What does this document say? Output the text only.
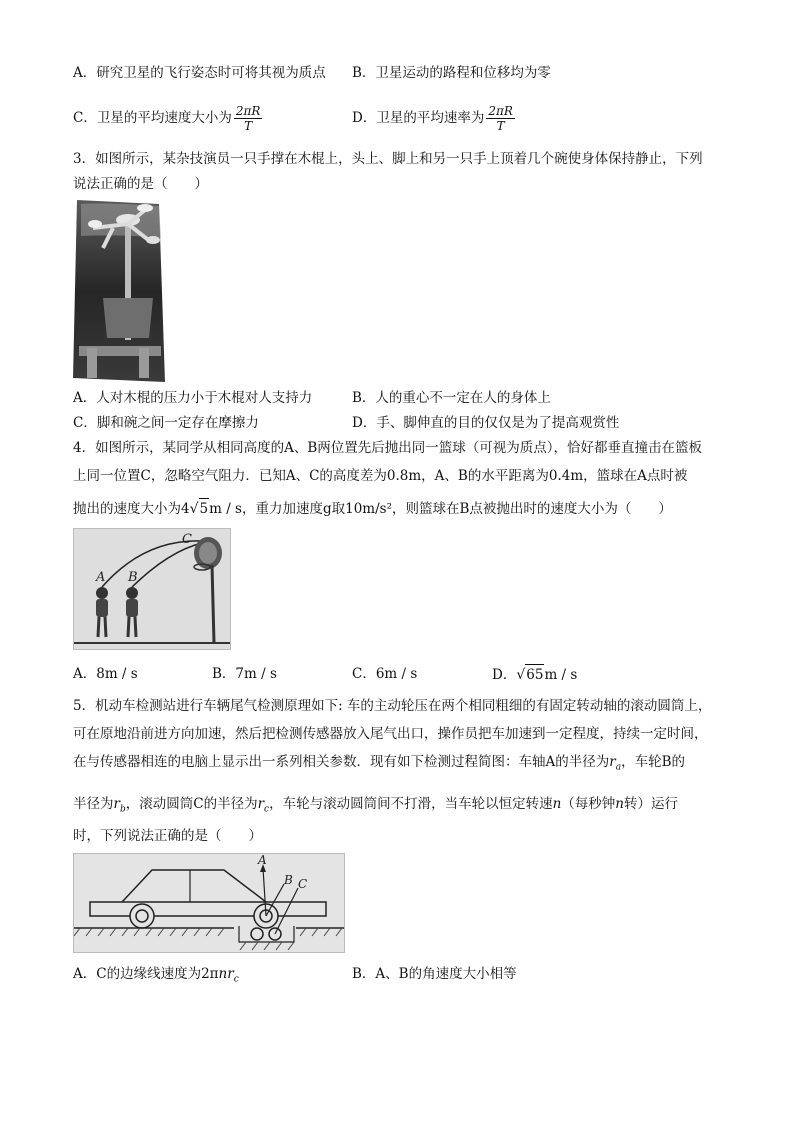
A．研究卫星的飞行姿态时可将其视为质点 B．卫星运动的路程和位移均为零
C．卫星的平均速度大小为 $\frac{2\pi R}{T}$	D．卫星的平均速率为 $\frac{2\pi R}{T}$
3．如图所示，某杂技演员一只手撑在木棍上，头上、脚上和另一只手上顶着几个碗使身体保持静止，下列
说法正确的是（　　）
A．人对木棍的压力小于木棍对人支持力	B．人的重心不一定在人的身体上
C．脚和碗之间一定存在摩擦力	D．手、脚伸直的目的仅仅是为了提高观赏性
4．如图所示，某同学从相同高度的A、B两位置先后抛出同一篮球（可视为质点），恰好都垂直撞击在篮板
上同一位置C，忽略空气阻力．已知A、C的高度差为0.8m，A、B的水平距离为0.4m，篮球在A点时被
抛出的速度大小为4√5m / s，重力加速度g取10m/s²，则篮球在B点被抛出时的速度大小为（　　）
A B
C
A．8m / s	B．7m / s	C．6m / s	D．√65m / s
5．机动车检测站进行车辆尾气检测原理如下: 车的主动轮压在两个相同粗细的有固定转动轴的滚动圆筒上，
可在原地沿前进方向加速，然后把检测传感器放入尾气出口，操作员把车加速到一定程度，持续一定时间，
在与传感器相连的电脑上显示出一系列相关参数．现有如下检测过程简图：车轴A的半径为$r_a$，车轮B的
半径为$r_b$，滚动圆筒C的半径为$r_c$，车轮与滚动圆筒间不打滑，当车轮以恒定转速n（每秒钟n转）运行
时，下列说法正确的是（　　）
A
B C
A．C的边缘线速度为2πnr$_c$	B．A、B的角速度大小相等
